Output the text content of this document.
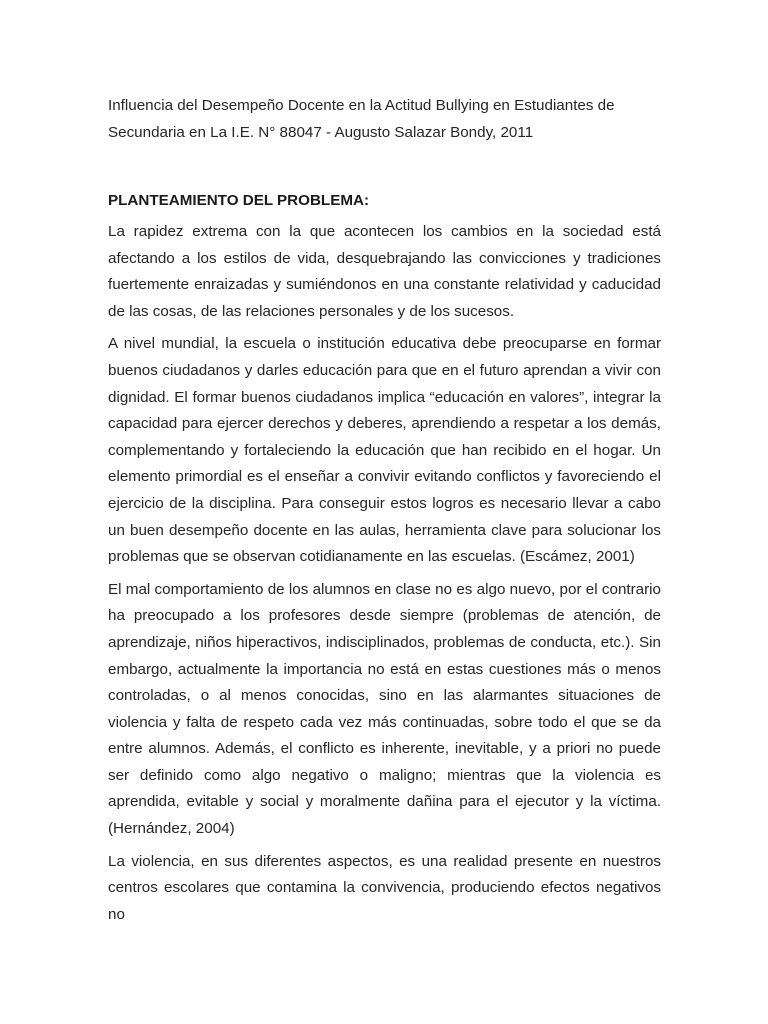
Influencia del Desempeño Docente en la Actitud Bullying en Estudiantes de Secundaria en La I.E. N° 88047 - Augusto Salazar Bondy, 2011

PLANTEAMIENTO DEL PROBLEMA:

La rapidez extrema con la que acontecen los cambios en la sociedad está afectando a los estilos de vida, desquebrajando las convicciones y tradiciones fuertemente enraizadas y sumiéndonos en una constante relatividad y caducidad de las cosas, de las relaciones personales y de los sucesos.

A nivel mundial, la escuela o institución educativa debe preocuparse en formar buenos ciudadanos y darles educación para que en el futuro aprendan a vivir con dignidad. El formar buenos ciudadanos implica “educación en valores”, integrar la capacidad para ejercer derechos y deberes, aprendiendo a respetar a los demás, complementando y fortaleciendo la educación que han recibido en el hogar. Un elemento primordial es el enseñar a convivir evitando conflictos y favoreciendo el ejercicio de la disciplina. Para conseguir estos logros es necesario llevar a cabo un buen desempeño docente en las aulas, herramienta clave para solucionar los problemas que se observan cotidianamente en las escuelas. (Escámez, 2001)

El mal comportamiento de los alumnos en clase no es algo nuevo, por el contrario ha preocupado a los profesores desde siempre (problemas de atención, de aprendizaje, niños hiperactivos, indisciplinados, problemas de conducta, etc.). Sin embargo, actualmente la importancia no está en estas cuestiones más o menos controladas, o al menos conocidas, sino en las alarmantes situaciones de violencia y falta de respeto cada vez más continuadas, sobre todo el que se da entre alumnos. Además, el conflicto es inherente, inevitable, y a priori no puede ser definido como algo negativo o maligno; mientras que la violencia es aprendida, evitable y social y moralmente dañina para el ejecutor y la víctima. (Hernández, 2004)

La violencia, en sus diferentes aspectos, es una realidad presente en nuestros centros escolares que contamina la convivencia, produciendo efectos negativos no
